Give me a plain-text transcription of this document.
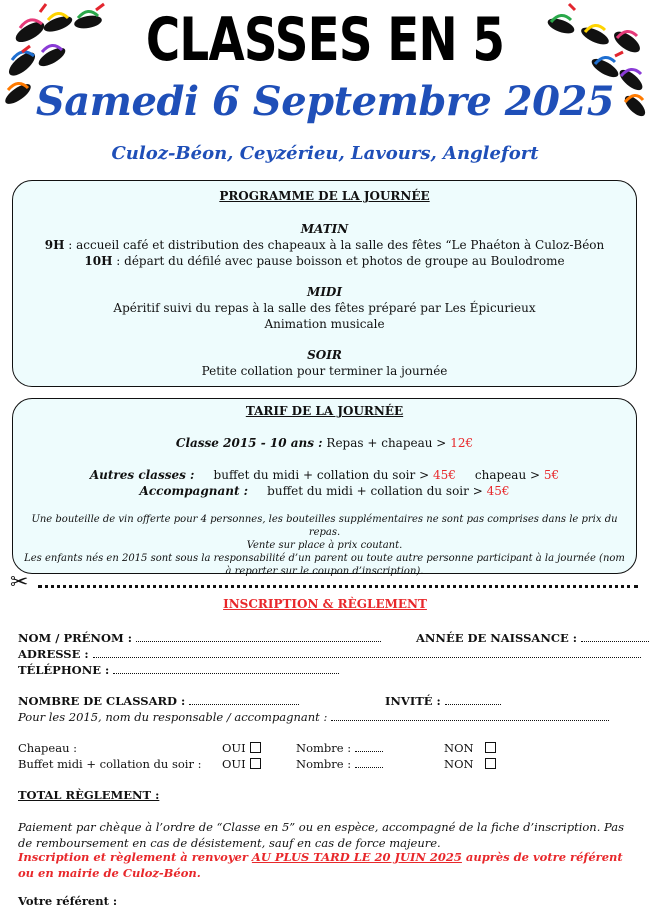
CLASSES EN 5
Samedi 6 Septembre 2025
Culoz-Béon, Ceyzérieu, Lavours, Anglefort
PROGRAMME DE LA JOURNÉE
MATIN
9H : accueil café et distribution des chapeaux à la salle des fêtes “Le Phaéton à Culoz-Béon
10H : départ du défilé avec pause boisson et photos de groupe au Boulodrome
MIDI
Apéritif suivi du repas à la salle des fêtes préparé par Les Épicurieux
Animation musicale
SOIR
Petite collation pour terminer la journée
TARIF DE LA JOURNÉE
Classe 2015 - 10 ans : Repas + chapeau > 12€
Autres classes : buffet du midi + collation du soir > 45€ chapeau > 5€
Accompagnant : buffet du midi + collation du soir > 45€
Une bouteille de vin offerte pour 4 personnes, les bouteilles supplémentaires ne sont pas comprises dans le prix du repas.
Vente sur place à prix coutant.
Les enfants nés en 2015 sont sous la responsabilité d’un parent ou toute autre personne participant à la journée (nom à reporter sur le coupon d’inscription).
✂
INSCRIPTION & RÈGLEMENT
NOM / PRÉNOM :	ANNÉE DE NAISSANCE :
ADRESSE :
TÉLÉPHONE :
NOMBRE DE CLASSARD :	INVITÉ :
Pour les 2015, nom du responsable / accompagnant :
Chapeau :	OUI	Nombre :	NON
Buffet midi + collation du soir : OUI	Nombre :	NON
TOTAL RÈGLEMENT :
Paiement par chèque à l’ordre de “Classe en 5” ou en espèce, accompagné de la fiche d’inscription. Pas de remboursement en cas de désistement, sauf en cas de force majeure.
Inscription et règlement à renvoyer AU PLUS TARD LE 20 JUIN 2025 auprès de votre référent ou en mairie de Culoz-Béon.
Votre référent :
